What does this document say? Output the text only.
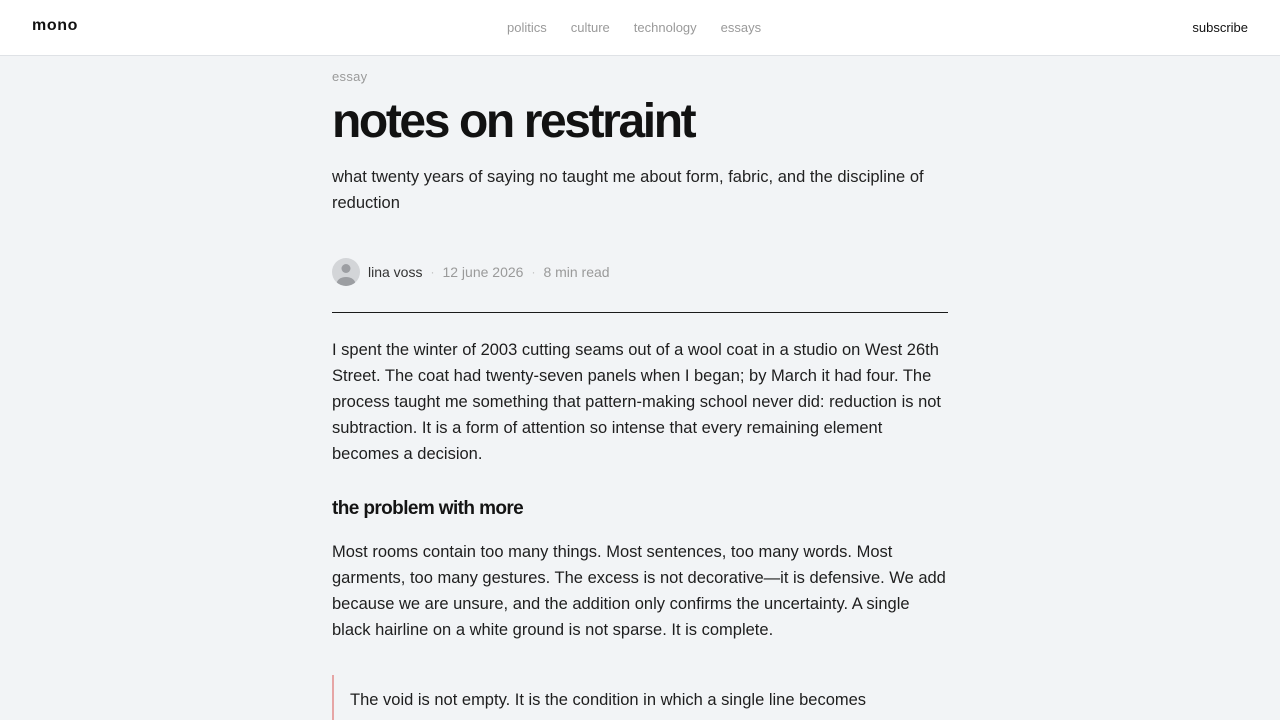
mono	politics culture technology essays	subscribe
essay
notes on restraint

what twenty years of saying no taught me about form, fabric, and the discipline of reduction

lina voss · 12 june 2026 · 8 min read

I spent the winter of 2003 cutting seams out of a wool coat in a studio on West 26th Street. The coat had twenty-seven panels when I began; by March it had four. The process taught me something that pattern-making school never did: reduction is not subtraction. It is a form of attention so intense that every remaining element becomes a decision.

the problem with more

Most rooms contain too many things. Most sentences, too many words. Most garments, too many gestures. The excess is not decorative—it is defensive. We add because we are unsure, and the addition only confirms the uncertainty. A single black hairline on a white ground is not sparse. It is complete.

The void is not empty. It is the condition in which a single line becomes
